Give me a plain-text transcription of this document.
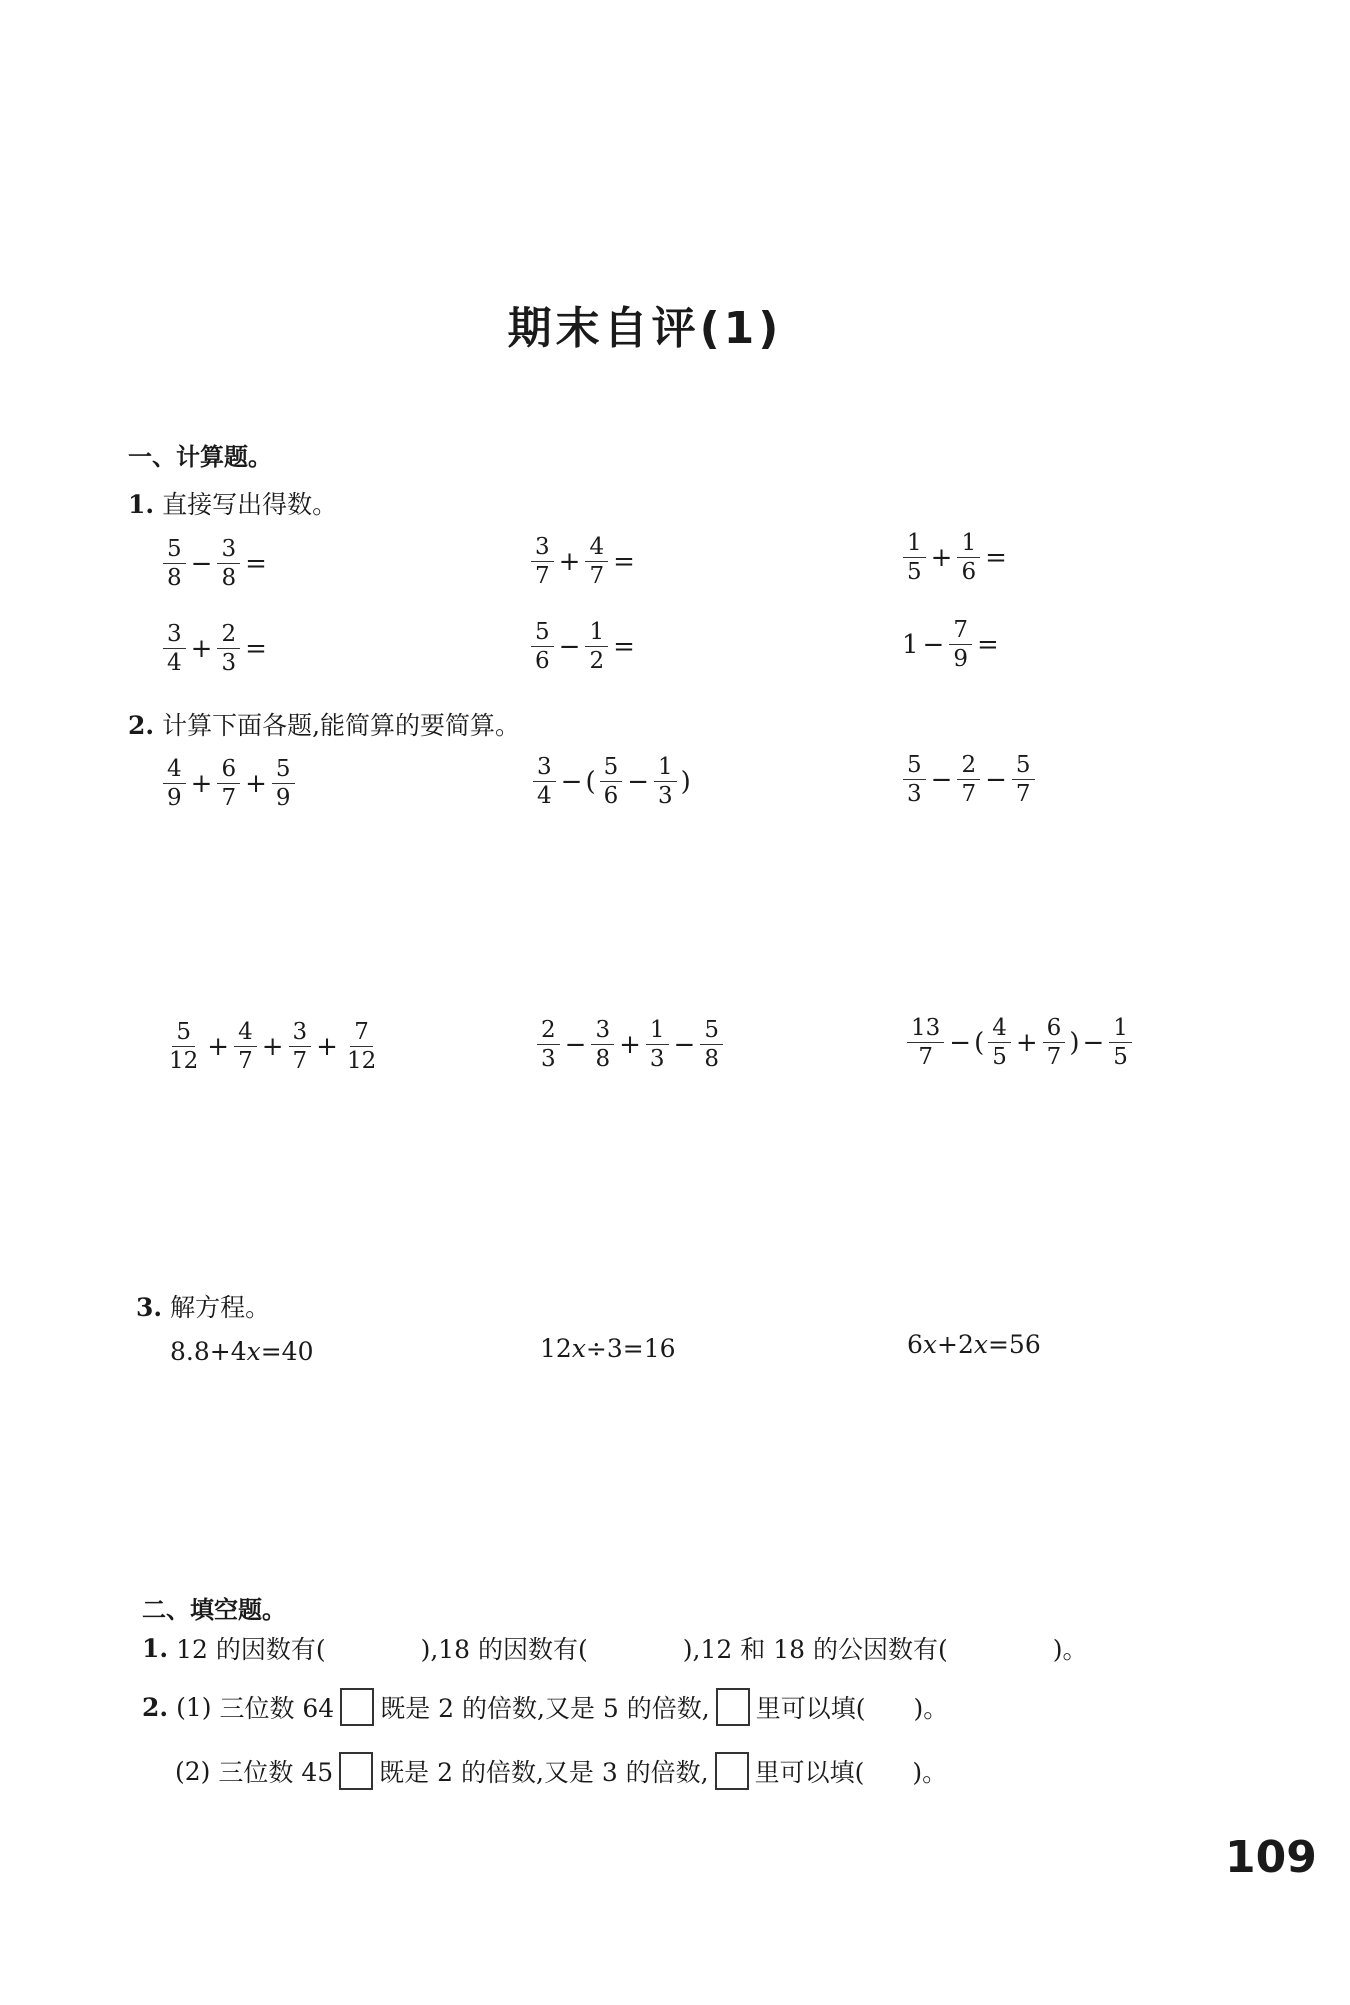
期末自评(1)
一、计算题。
1. 直接写出得数。
$\frac{5}{8} - \frac{3}{8}$ =	$\frac{3}{7} + \frac{4}{7}$ =	$\frac{1}{5} + \frac{1}{6}$ =
$\frac{3}{4} + \frac{2}{3}$ =	$\frac{5}{6} - \frac{1}{2}$ =	$1 - \frac{7}{9}$ =
2. 计算下面各题,能简算的要简算。
$\frac{4}{9} + \frac{6}{7} + \frac{5}{9}$	$\frac{3}{4}$ − ( $\frac{5}{6} - \frac{1}{3}$ )	$\frac{5}{3} - \frac{2}{7} - \frac{5}{7}$
$\frac{5}{12} + \frac{4}{7} + \frac{3}{7} + \frac{7}{12}$	$\frac{2}{3} - \frac{3}{8} + \frac{1}{3} - \frac{5}{8}$	$\frac{13}{7}$ − ( $\frac{4}{5} + \frac{6}{7}$ ) − $\frac{1}{5}$
3. 解方程。
8.8+4x=40	12x÷3=16	6x+2x=56
二、填空题。
1.
12 的因数有(	),18 的因数有(	),12 和 18 的公因数有(	)。
2.
(1)
三位数 64 既是 2 的倍数,又是 5 的倍数, 里可以填( )。
(2)
三位数 45 既是 2 的倍数,又是 3 的倍数, 里可以填( )。
109
